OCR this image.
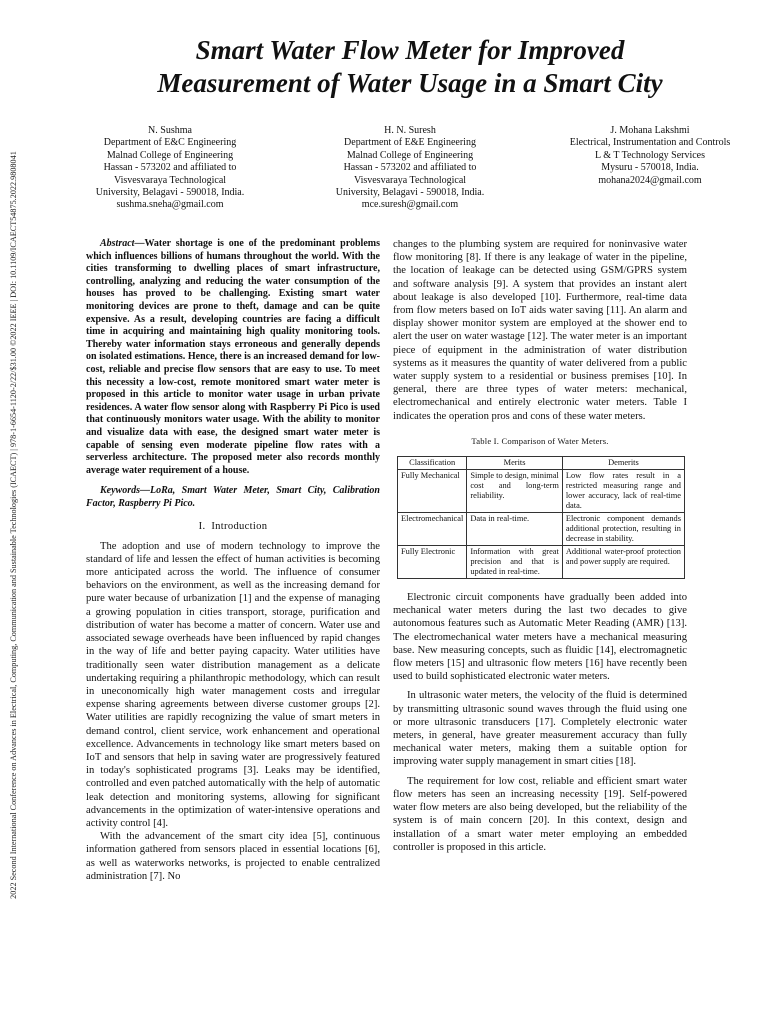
2022 Second International Conference on Advances in Electrical, Computing, Communication and Sustainable Technologies (ICAECT) | 978-1-6654-1120-2/22/$31.00 ©2022 IEEE | DOI: 10.1109/ICAECT54875.2022.9808041
Smart Water Flow Meter for Improved
Measurement of Water Usage in a Smart City
N. Sushma
Department of E&C Engineering
Malnad College of Engineering
Hassan - 573202 and affiliated to
Visvesvaraya Technological
University, Belagavi - 590018, India.
sushma.sneha@gmail.com
H. N. Suresh
Department of E&E Engineering
Malnad College of Engineering
Hassan - 573202 and affiliated to
Visvesvaraya Technological
University, Belagavi - 590018, India.
mce.suresh@gmail.com
J. Mohana Lakshmi
Electrical, Instrumentation and Controls
L & T Technology Services
Mysuru - 570018, India.
mohana2024@gmail.com

Abstract—Water shortage is one of the predominant problems which influences billions of humans throughout the world. With the cities transforming to dwelling places of smart infrastructure, controlling, analyzing and reducing the water consumption of the houses has proved to be challenging. Existing smart water monitoring devices are prone to theft, damage and can be quite expensive. As a result, developing countries are facing a difficult time in acquiring and maintaining high quality monitoring tools. Thereby water information stays erroneous and generally depends on isolated estimations. Hence, there is an increased demand for low-cost, reliable and precise flow sensors that are easy to use. To meet this necessity a low-cost, remote monitored smart water meter is proposed in this article to monitor water usage in urban private residences. A water flow sensor along with Raspberry Pi Pico is used that continuously monitors water usage. With the ability to monitor and visualize data with ease, the designed smart water meter is capable of sensing even moderate pipeline flow rates with a serverless architecture. The proposed meter also records monthly average water requirement of a house.

Keywords—LoRa, Smart Water Meter, Smart City, Calibration Factor, Raspberry Pi Pico.

I. Introduction

The adoption and use of modern technology to improve the standard of life and lessen the effect of human activities is becoming more anticipated across the world. The influence of consumer behaviors on the environment, as well as the increasing demand for pure water because of urbanization [1] and the expense of managing a growing population in cities transport, storage, purification and distribution of water has become a matter of concern. Water use and associated sewage overheads have been influenced by rapid changes in the way of life and better paying capacity. Water utilities have traditionally seen water distribution management as a delicate undertaking requiring a philanthropic methodology, which can result in uneconomically high water management costs and irregular expense sharing agreements between diverse customer groups [2]. Water utilities are rapidly recognizing the value of smart meters in demand control, client service, work enhancement and operational excellence. Advancements in technology like smart meters based on IoT and sensors that help in saving water are progressively featured in today's sophisticated programs [3]. Leaks may be identified, controlled and even patched automatically with the help of automatic leak detection and monitoring systems, allowing for significant advancements in the optimization of water-intensive operations and activity control [4].

With the advancement of the smart city idea [5], continuous information gathered from sensors placed in essential locations [6], as well as waterworks networks, is projected to enable centralized administration [7]. No

changes to the plumbing system are required for noninvasive water flow monitoring [8]. If there is any leakage of water in the pipeline, the location of leakage can be detected using GSM/GPRS system and software analysis [9]. A system that provides an instant alert about leakage is also developed [10]. Furthermore, real-time data from flow meters based on IoT aids water saving [11]. An alarm and display shower monitor system are employed at the shower end to alert the user on water wastage [12]. The water meter is an important piece of equipment in the administration of water distribution systems as it measures the quantity of water delivered from a public water supply system to a residential or business premises [10]. In general, there are three types of water meters: mechanical, electromechanical and entirely electronic water meters. Table I indicates the operation pros and cons of these water meters.

Table I. Comparison of Water Meters.
Classification	Merits	Demerits
Fully Mechanical	Simple to design, minimal cost and long-term reliability.	Low flow rates result in a restricted measuring range and lower accuracy, lack of real-time data.
Electromechanical	Data in real-time.	Electronic component demands additional protection, resulting in decrease in stability.
Fully Electronic	Information with great precision and that is updated in real-time.	Additional water-proof protection and power supply are required.

Electronic circuit components have gradually been added into mechanical water meters during the last two decades to give autonomous features such as Automatic Meter Reading (AMR) [13]. The electromechanical water meters have a mechanical measuring base. New measuring concepts, such as fluidic [14], electromagnetic flow meters [15] and ultrasonic flow meters [16] have recently been used to build sophisticated electronic water meters.

In ultrasonic water meters, the velocity of the fluid is determined by transmitting ultrasonic sound waves through the fluid using one or more ultrasonic transducers [17]. Completely electronic water meters, in general, have greater measurement accuracy than fully mechanical water meters, making them a suitable option for improving water supply management in smart cities [18].

The requirement for low cost, reliable and efficient smart water flow meters has seen an increasing necessity [19]. Self-powered water flow meters are also being developed, but the reliability of the system is of main concern [20]. In this context, design and installation of a smart water meter employing an embedded controller is proposed in this article.
